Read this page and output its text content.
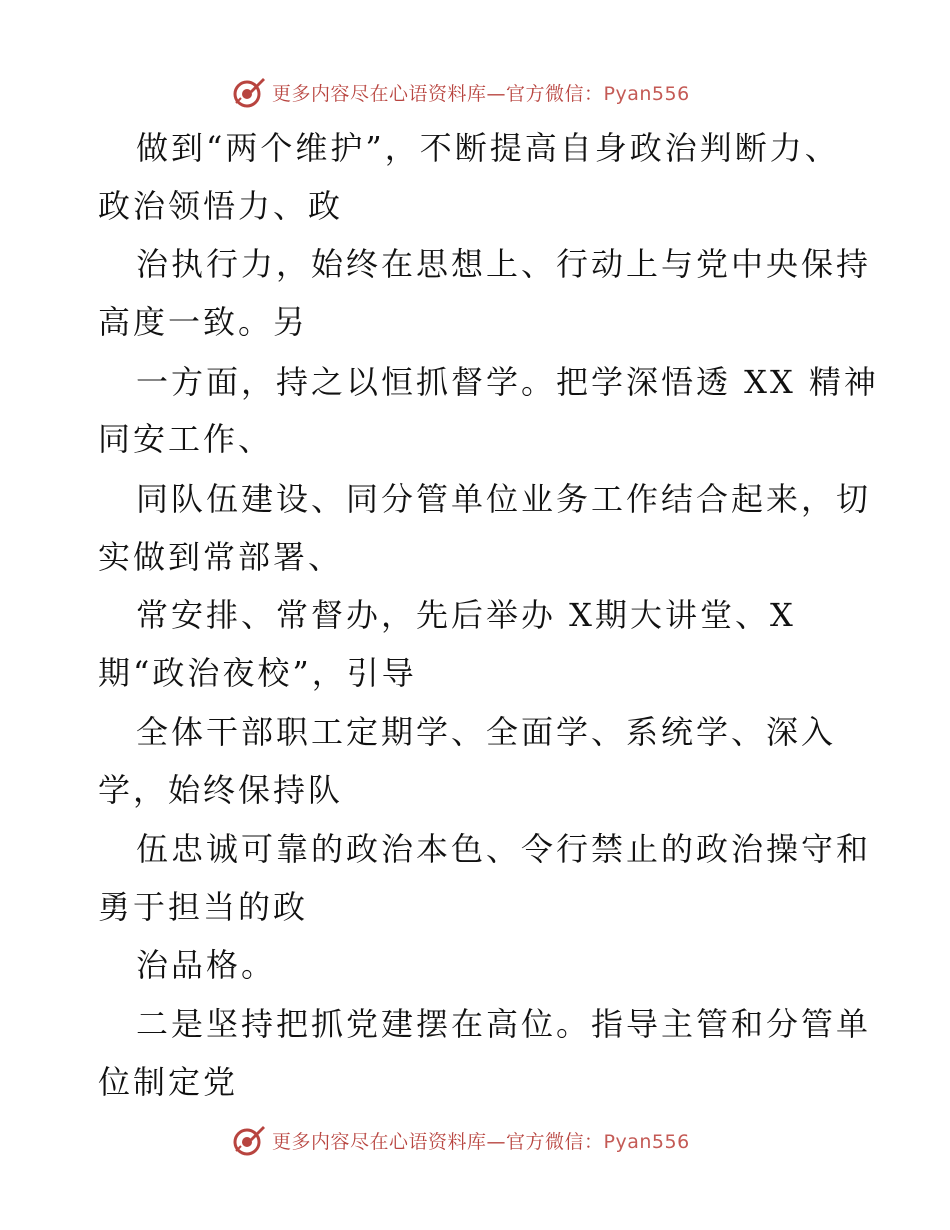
更多内容尽在心语资料库—官方微信：Pyan556
做到“两个维护”，不断提高自身政治判断力、
政治领悟力、政
治执行力，始终在思想上、行动上与党中央保持
高度一致。另
一方面，持之以恒抓督学。把学深悟透 XX 精神
同安工作、
同队伍建设、同分管单位业务工作结合起来，切
实做到常部署、
常安排、常督办，先后举办 X期大讲堂、X
期“政治夜校”，引导
全体干部职工定期学、全面学、系统学、深入
学，始终保持队
伍忠诚可靠的政治本色、令行禁止的政治操守和
勇于担当的政
治品格。
二是坚持把抓党建摆在高位。指导主管和分管单
位制定党
更多内容尽在心语资料库—官方微信：Pyan556
